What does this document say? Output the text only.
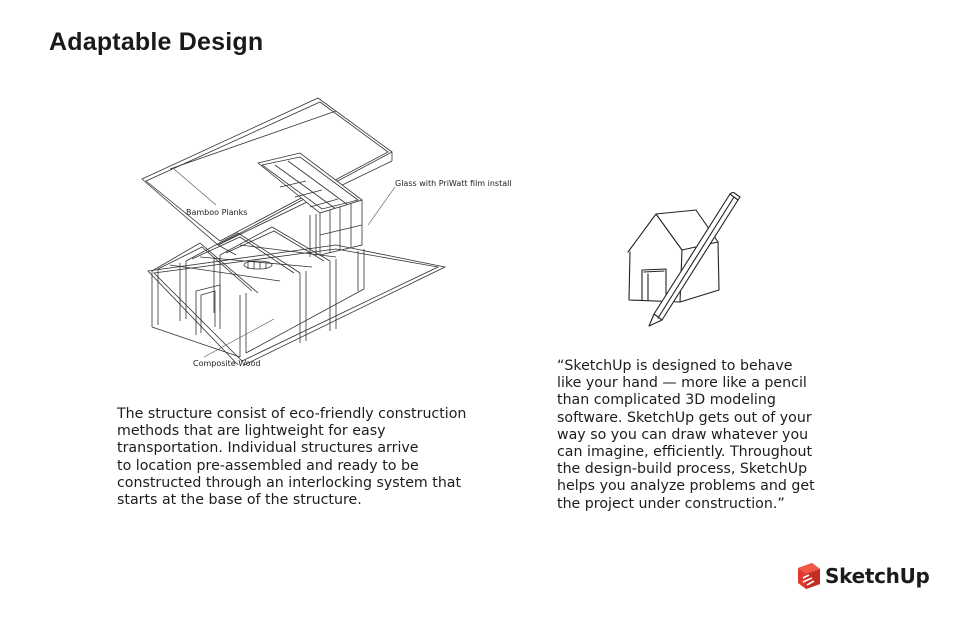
Adaptable Design
Glass with PriWatt film install
Bamboo Planks
Composite Wood
The structure consist of eco-friendly construction
methods that are lightweight for easy
transportation. Individual structures arrive
to location pre-assembled and ready to be
constructed through an interlocking system that
starts at the base of the structure.
“SketchUp is designed to behave
like your hand — more like a pencil
than complicated 3D modeling
software. SketchUp gets out of your
way so you can draw whatever you
can imagine, efficiently. Throughout
the design-build process, SketchUp
helps you analyze problems and get
the project under construction.”
SketchUp
